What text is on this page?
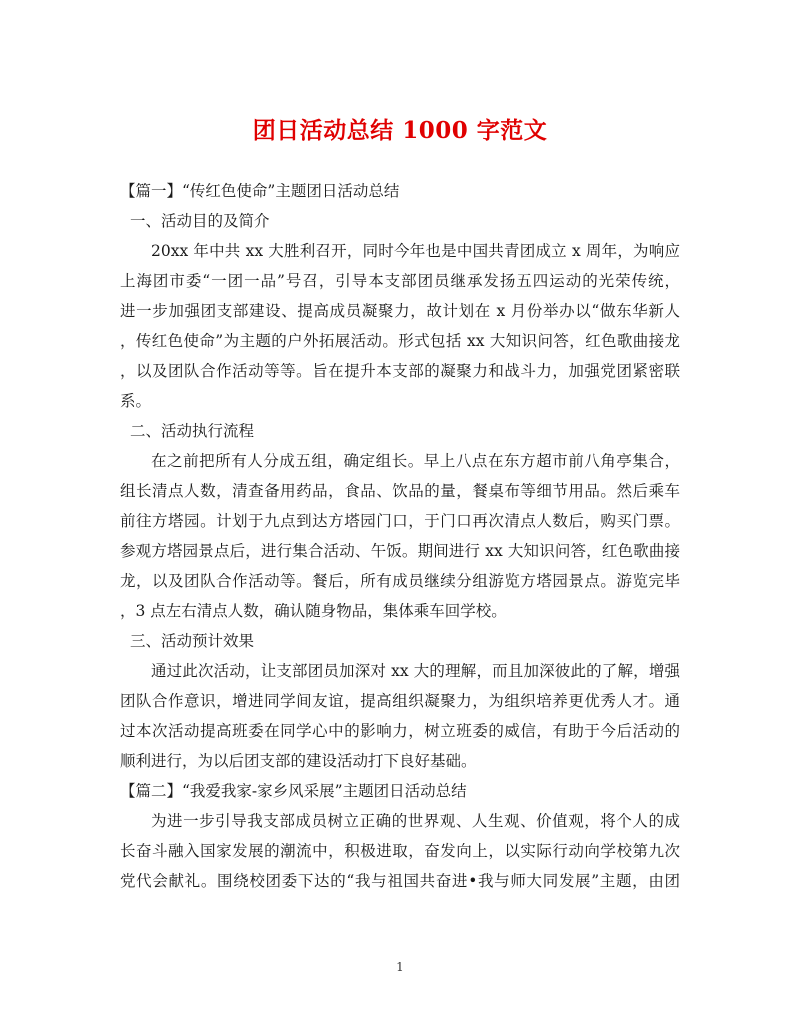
团日活动总结 1000 字范文
【篇一】“传红色使命”主题团日活动总结
一、活动目的及简介
20xx 年中共 xx 大胜利召开，同时今年也是中国共青团成立 x 周年，为响应
上海团市委“一团一品”号召，引导本支部团员继承发扬五四运动的光荣传统，
进一步加强团支部建设、提高成员凝聚力，故计划在 x 月份举办以“做东华新人
，传红色使命”为主题的户外拓展活动。形式包括 xx 大知识问答，红色歌曲接龙
，以及团队合作活动等等。旨在提升本支部的凝聚力和战斗力，加强党团紧密联
系。
二、活动执行流程
在之前把所有人分成五组，确定组长。早上八点在东方超市前八角亭集合，
组长清点人数，清查备用药品，食品、饮品的量，餐桌布等细节用品。然后乘车
前往方塔园。计划于九点到达方塔园门口，于门口再次清点人数后，购买门票。
参观方塔园景点后，进行集合活动、午饭。期间进行 xx 大知识问答，红色歌曲接
龙，以及团队合作活动等。餐后，所有成员继续分组游览方塔园景点。游览完毕
，3 点左右清点人数，确认随身物品，集体乘车回学校。
三、活动预计效果
通过此次活动，让支部团员加深对 xx 大的理解，而且加深彼此的了解，增强
团队合作意识，增进同学间友谊，提高组织凝聚力，为组织培养更优秀人才。通
过本次活动提高班委在同学心中的影响力，树立班委的威信，有助于今后活动的
顺利进行，为以后团支部的建设活动打下良好基础。
【篇二】“我爱我家-家乡风采展”主题团日活动总结
为进一步引导我支部成员树立正确的世界观、人生观、价值观，将个人的成
长奋斗融入国家发展的潮流中，积极进取，奋发向上，以实际行动向学校第九次
党代会献礼。围绕校团委下达的“我与祖国共奋进•我与师大同发展”主题，由团
1
